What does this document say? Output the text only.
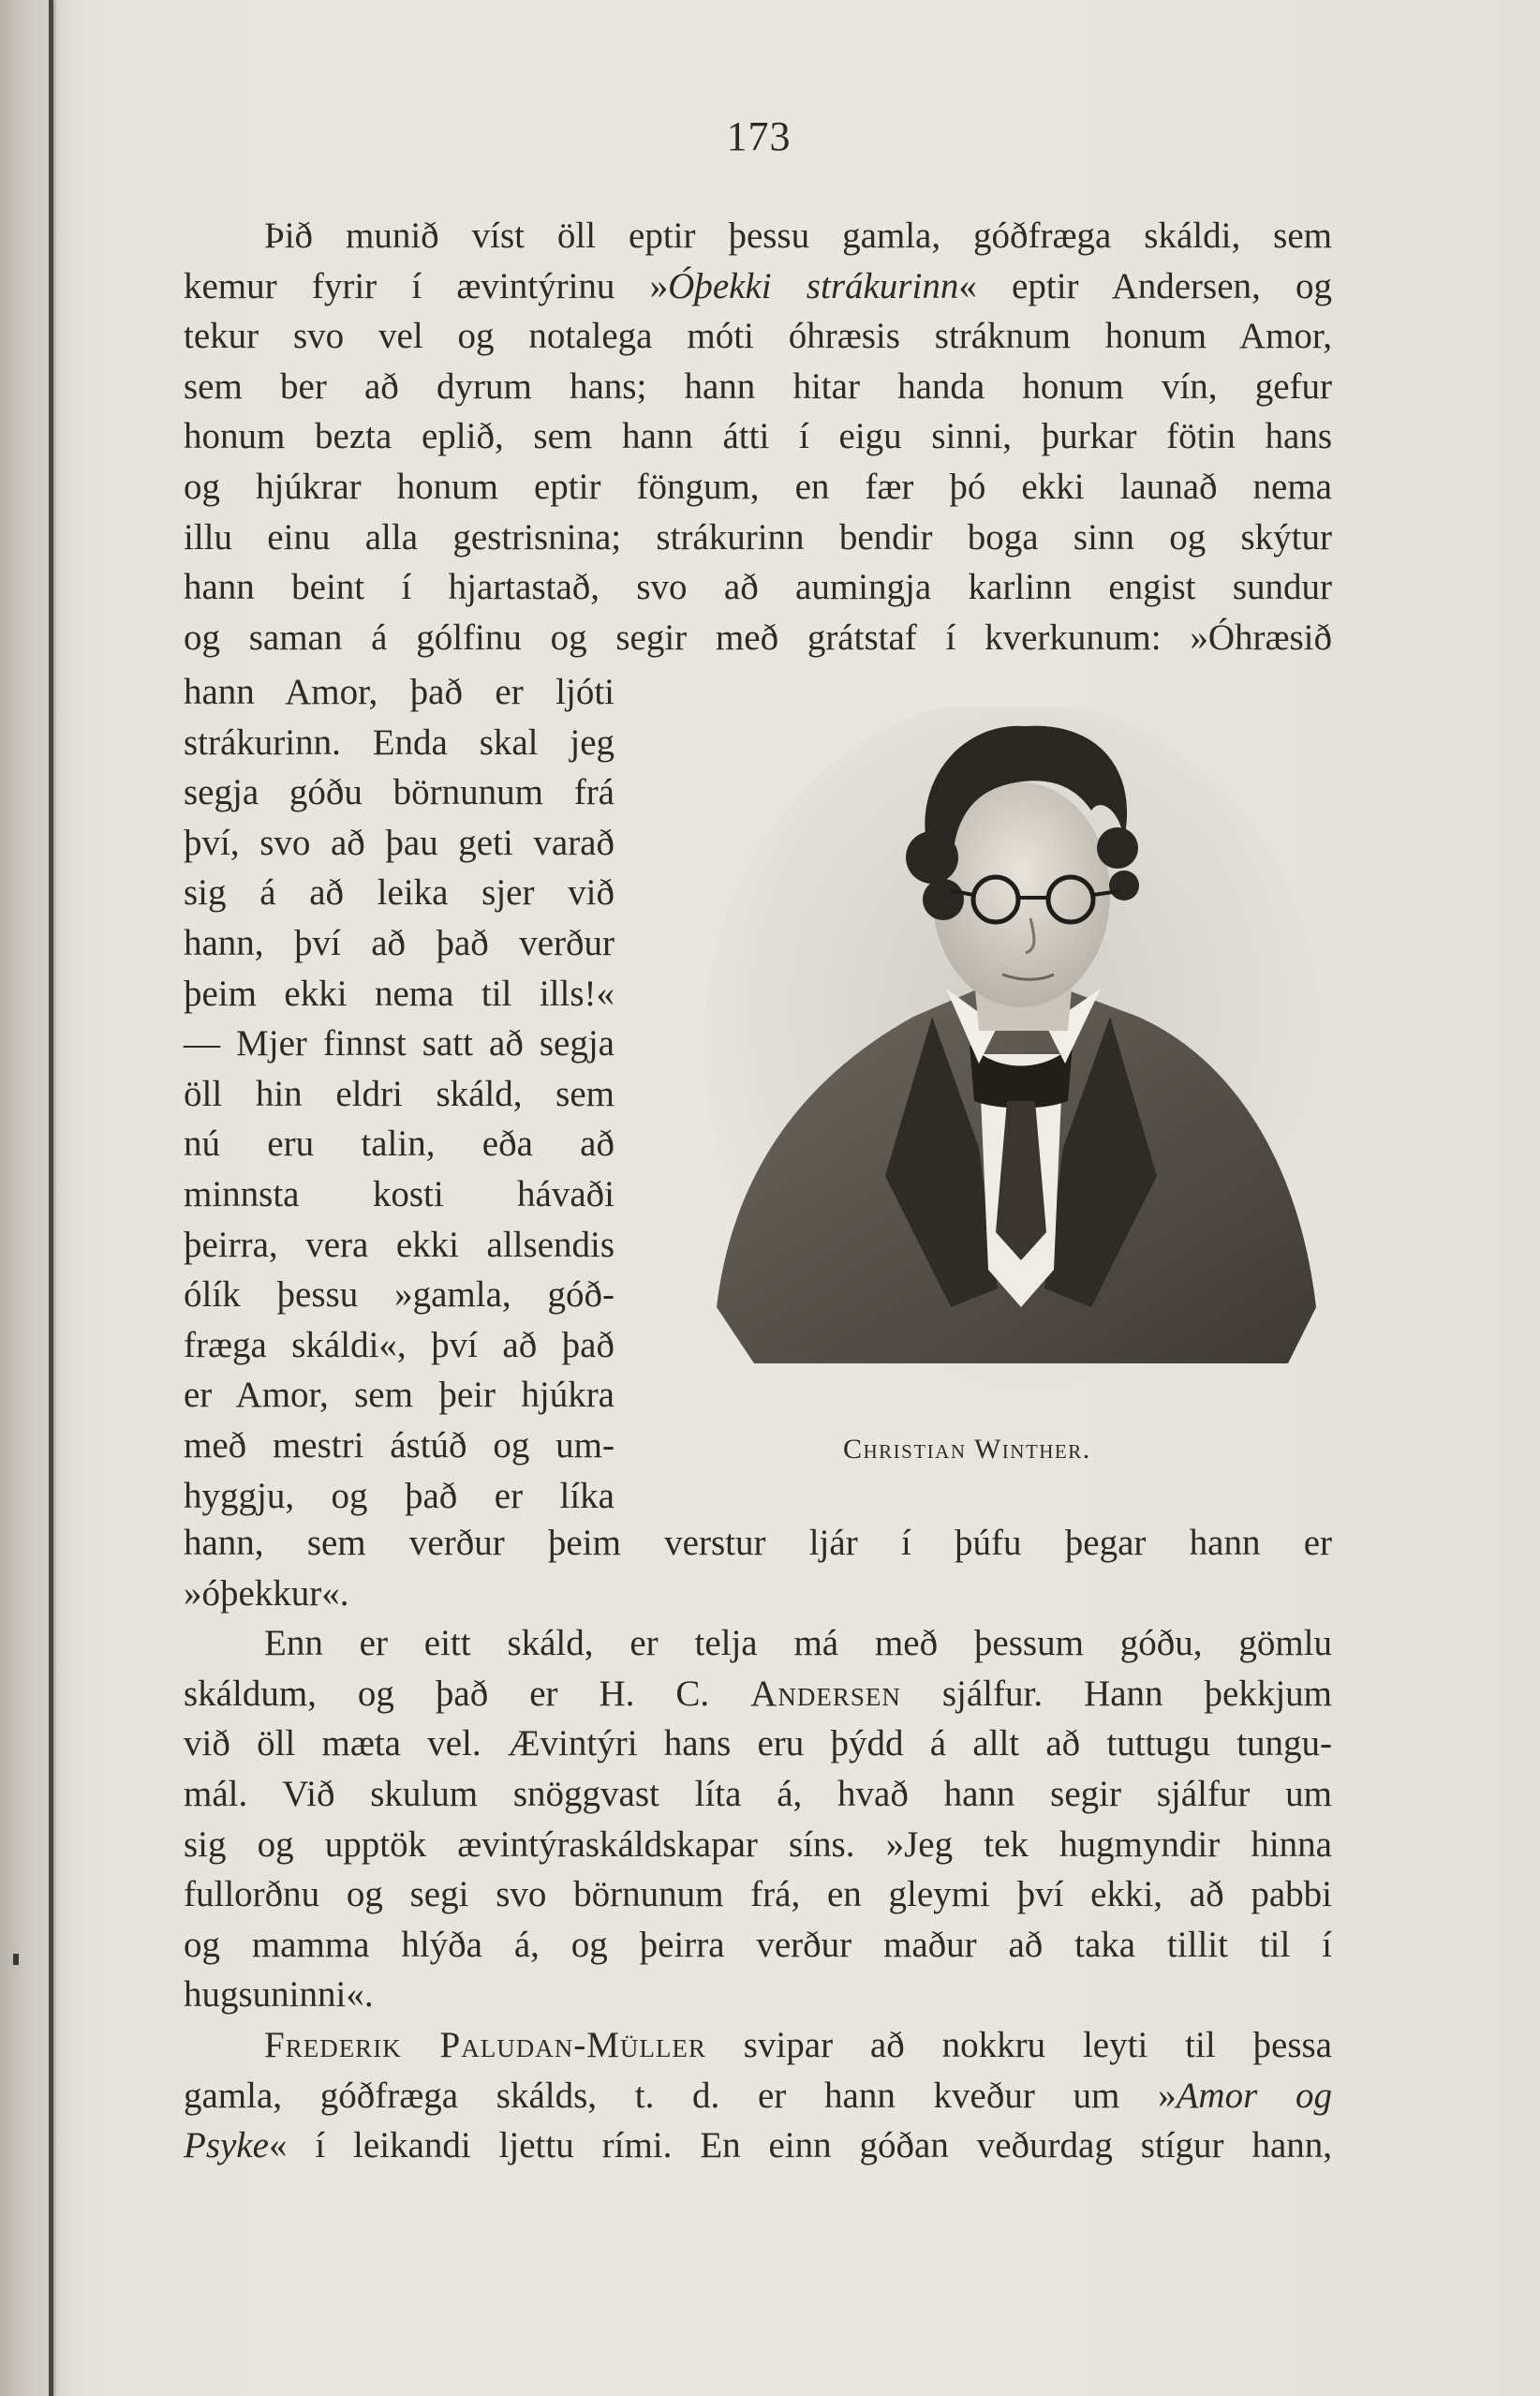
173
Þið munið víst öll eptir þessu gamla, góðfræga skáldi, sem
kemur fyrir í ævintýrinu »Óþekki strákurinn« eptir Andersen, og
tekur svo vel og notalega móti óhræsis stráknum honum Amor,
sem ber að dyrum hans; hann hitar handa honum vín, gefur
honum bezta eplið, sem hann átti í eigu sinni, þurkar fötin hans
og hjúkrar honum eptir föngum, en fær þó ekki launað nema
illu einu alla gestrisnina; strákurinn bendir boga sinn og skýtur
hann beint í hjartastað, svo að aumingja karlinn engist sundur
og saman á gólfinu og segir með grátstaf í kverkunum: »Óhræsið
hann Amor, það er ljóti
strákurinn. Enda skal jeg
segja góðu börnunum frá
því, svo að þau geti varað
sig á að leika sjer við
hann, því að það verður
þeim ekki nema til ills!«
— Mjer finnst satt að segja
öll hin eldri skáld, sem
nú eru talin, eða að
minnsta kosti hávaði
þeirra, vera ekki allsendis
ólík þessu »gamla, góð-
fræga skáldi«, því að það
er Amor, sem þeir hjúkra
með mestri ástúð og um-
hyggju, og það er líka
Christian Winther.
hann, sem verður þeim verstur ljár í þúfu þegar hann er
»óþekkur«.
Enn er eitt skáld, er telja má með þessum góðu, gömlu
skáldum, og það er H. C. Andersen sjálfur. Hann þekkjum
við öll mæta vel. Ævintýri hans eru þýdd á allt að tuttugu tungu-
mál. Við skulum snöggvast líta á, hvað hann segir sjálfur um
sig og upptök ævintýraskáldskapar síns. »Jeg tek hugmyndir hinna
fullorðnu og segi svo börnunum frá, en gleymi því ekki, að pabbi
og mamma hlýða á, og þeirra verður maður að taka tillit til í
hugsuninni«.
Frederik Paludan-Müller svipar að nokkru leyti til þessa
gamla, góðfræga skálds, t. d. er hann kveður um »Amor og
Psyke« í leikandi ljettu rími. En einn góðan veðurdag stígur hann,
